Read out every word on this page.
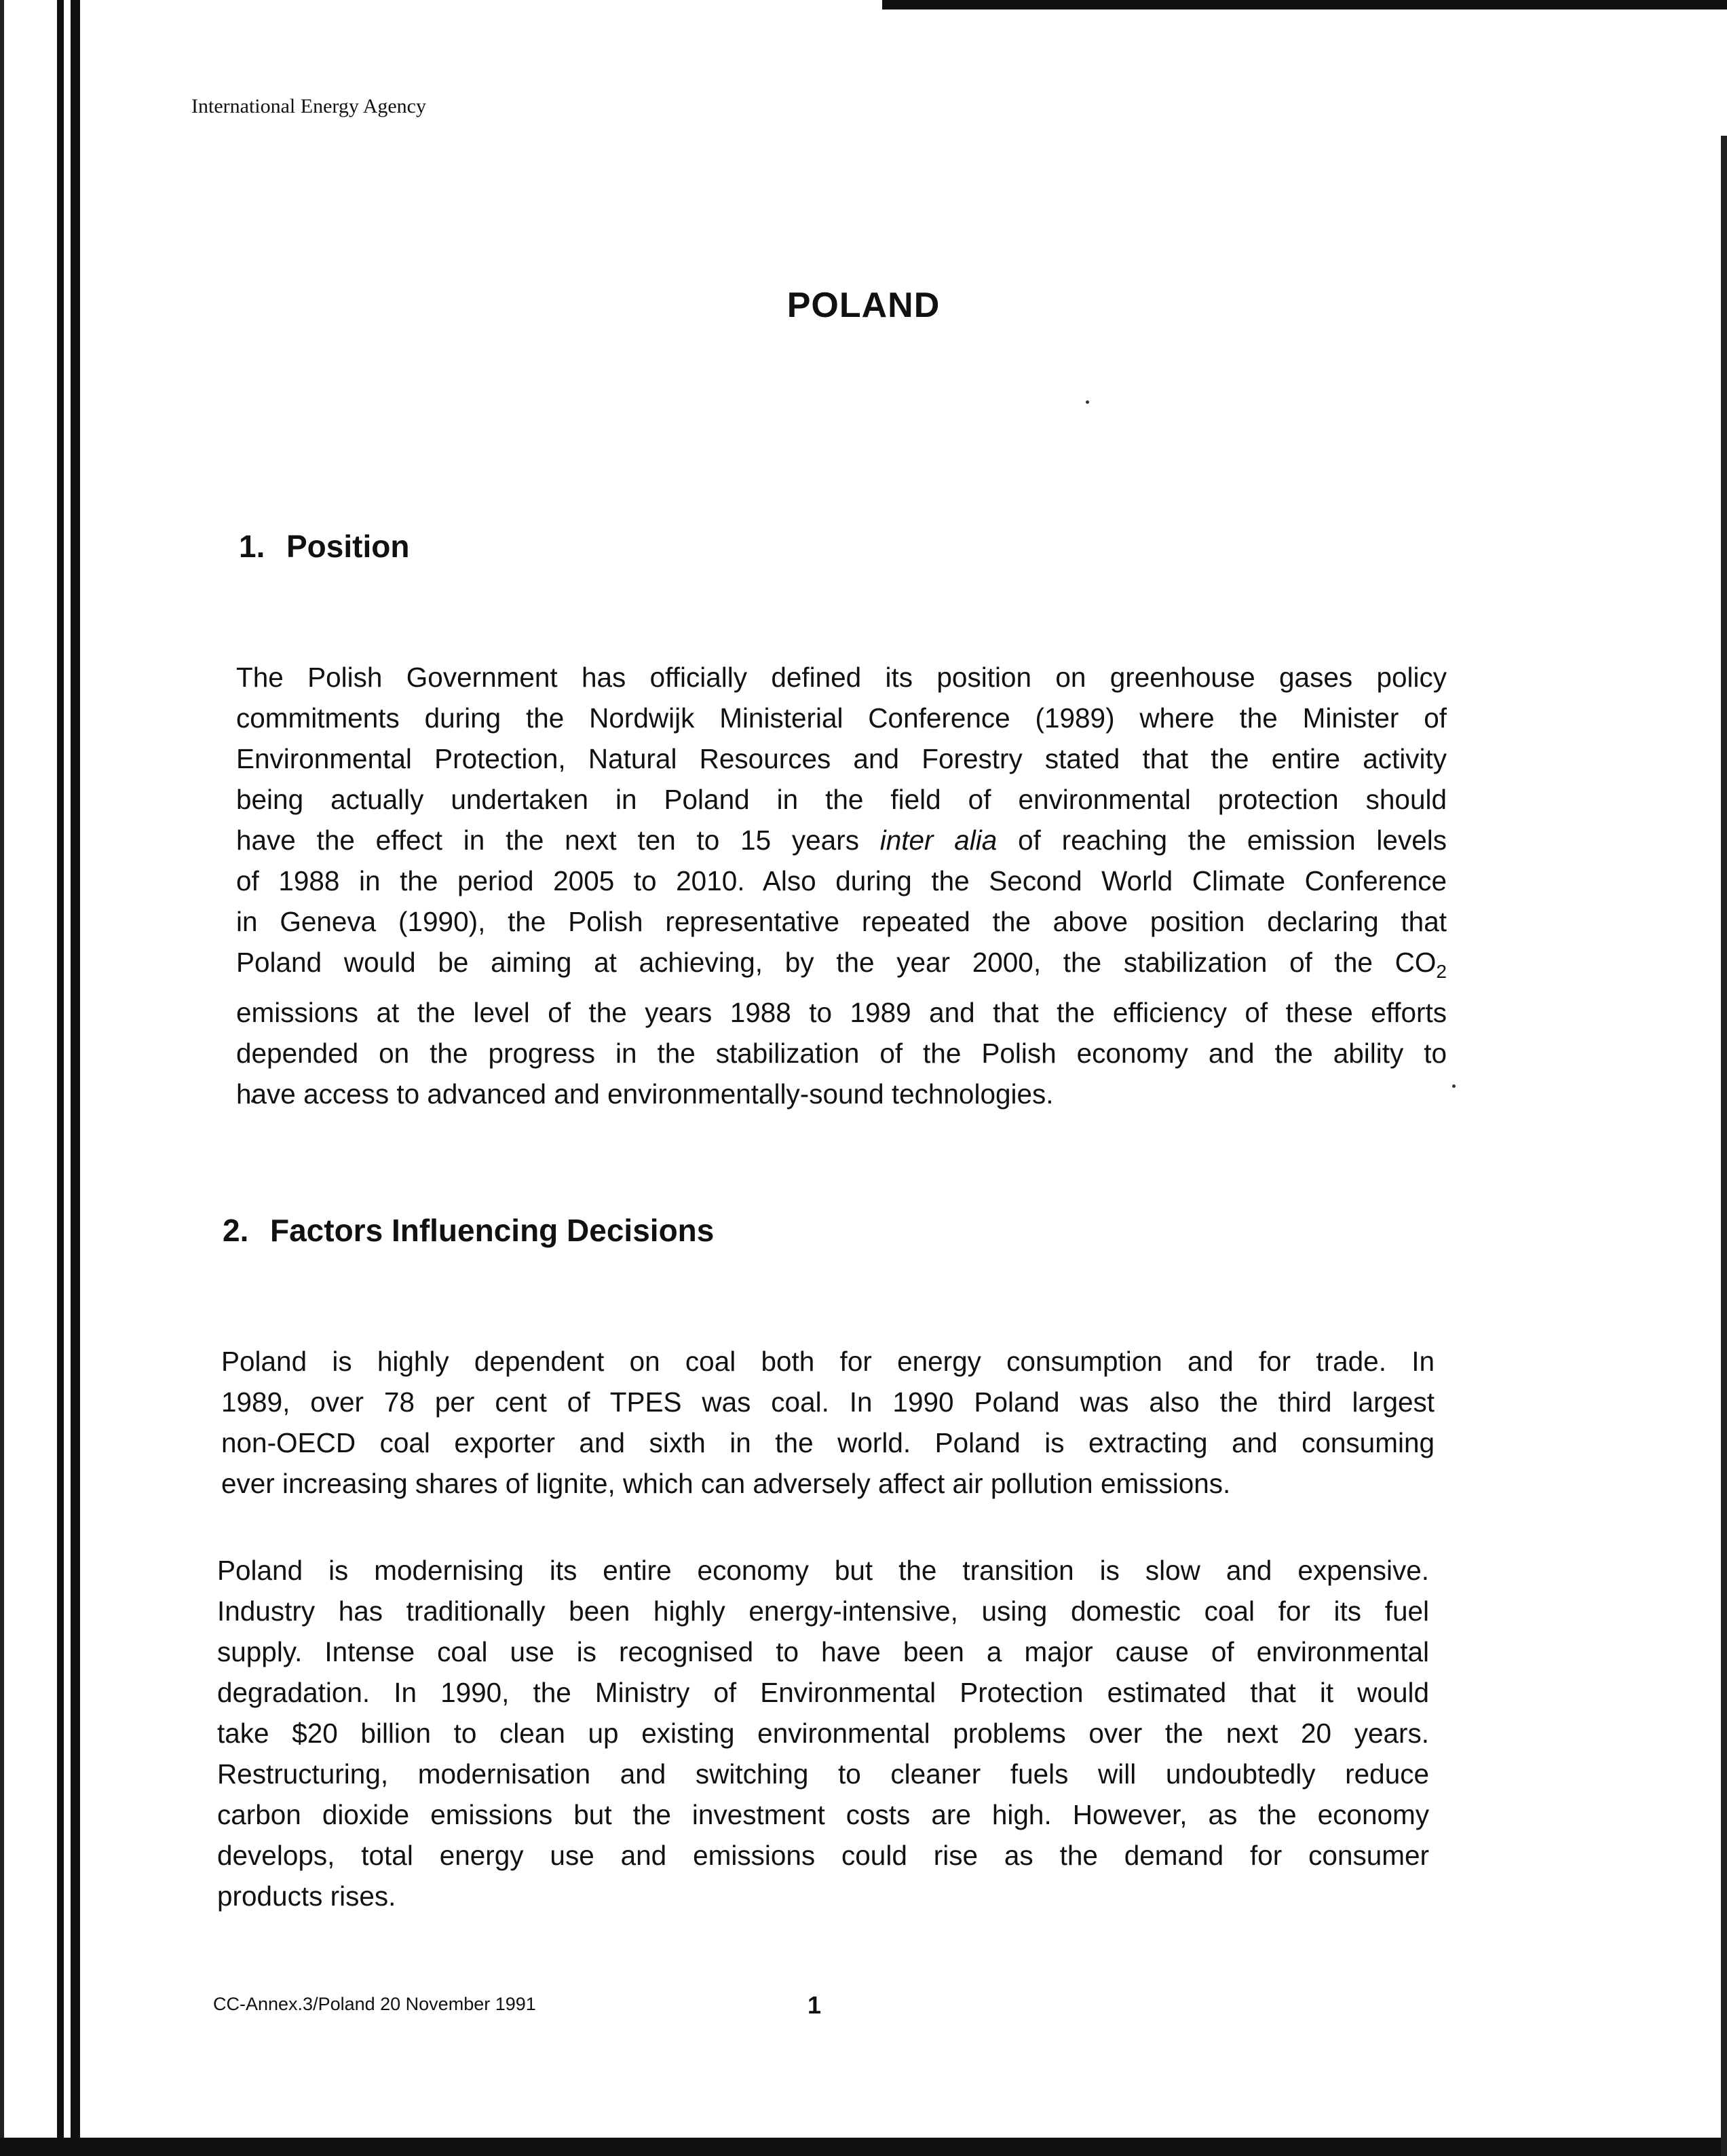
International Energy Agency
POLAND
1. Position
The Polish Government has officially defined its position on greenhouse gases policy
commitments during the Nordwijk Ministerial Conference (1989) where the Minister of
Environmental Protection, Natural Resources and Forestry stated that the entire activity
being actually undertaken in Poland in the field of environmental protection should
have the effect in the next ten to 15 years inter alia of reaching the emission levels
of 1988 in the period 2005 to 2010. Also during the Second World Climate Conference
in Geneva (1990), the Polish representative repeated the above position declaring that
Poland would be aiming at achieving, by the year 2000, the stabilization of the $CO_2$
emissions at the level of the years 1988 to 1989 and that the efficiency of these efforts
depended on the progress in the stabilization of the Polish economy and the ability to
have access to advanced and environmentally-sound technologies.
2. Factors Influencing Decisions
Poland is highly dependent on coal both for energy consumption and for trade. In
1989, over 78 per cent of TPES was coal. In 1990 Poland was also the third largest
non-OECD coal exporter and sixth in the world. Poland is extracting and consuming
ever increasing shares of lignite, which can adversely affect air pollution emissions.
Poland is modernising its entire economy but the transition is slow and expensive.
Industry has traditionally been highly energy-intensive, using domestic coal for its fuel
supply. Intense coal use is recognised to have been a major cause of environmental
degradation. In 1990, the Ministry of Environmental Protection estimated that it would
take $20 billion to clean up existing environmental problems over the next 20 years.
Restructuring, modernisation and switching to cleaner fuels will undoubtedly reduce
carbon dioxide emissions but the investment costs are high. However, as the economy
develops, total energy use and emissions could rise as the demand for consumer
products rises.
CC-Annex.3/Poland 20 November 1991	1
